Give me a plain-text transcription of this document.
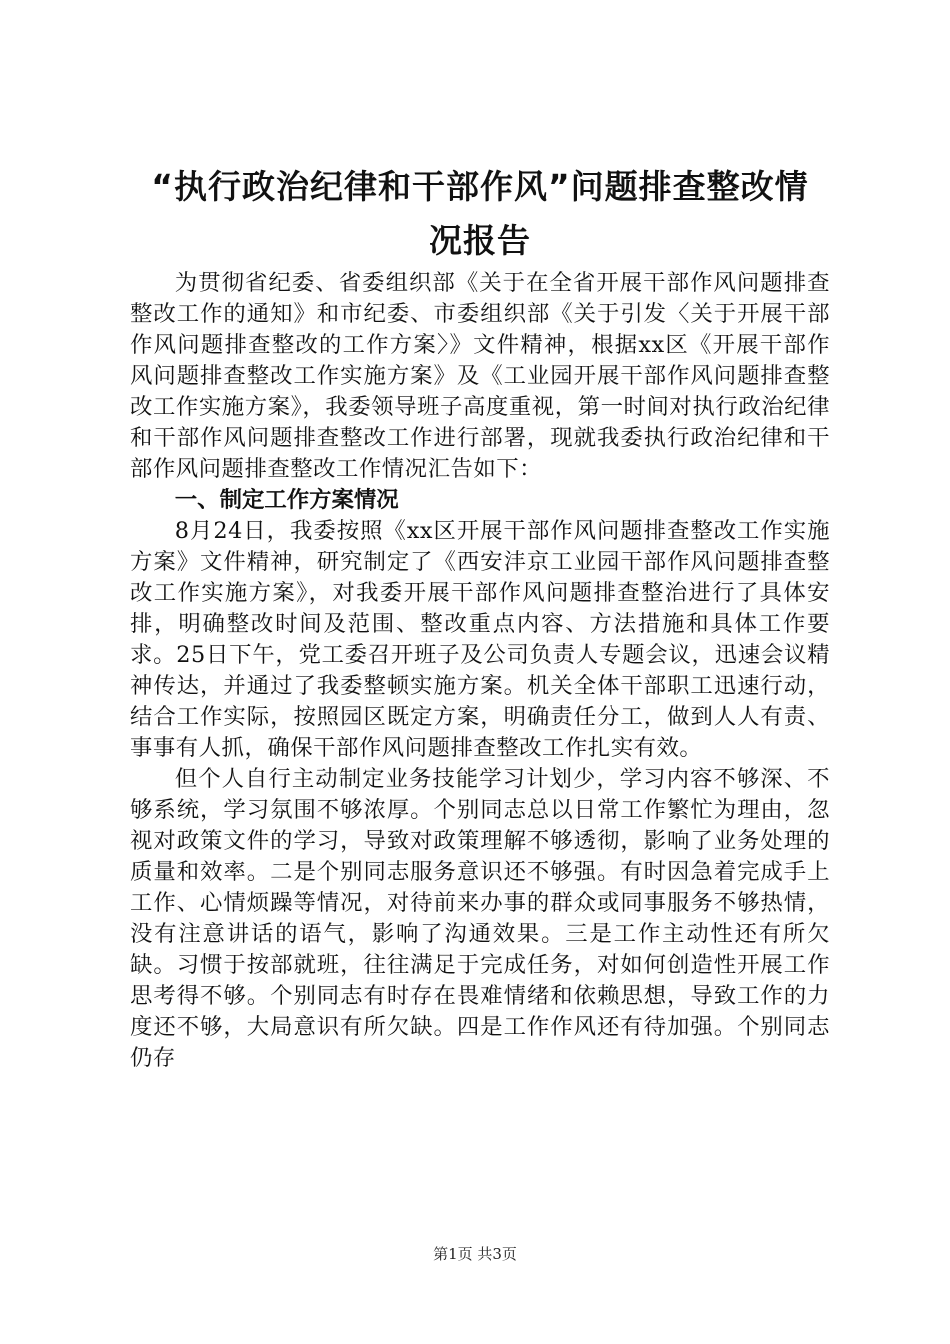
“执行政治纪律和干部作风”问题排查整改情
况报告

为贯彻省纪委、省委组织部《关于在全省开展干部作风问题排查整改工作的通知》和市纪委、市委组织部《关于引发〈关于开展干部作风问题排查整改的工作方案〉》文件精神，根据xx区《开展干部作风问题排查整改工作实施方案》及《工业园开展干部作风问题排查整改工作实施方案》，我委领导班子高度重视，第一时间对执行政治纪律和干部作风问题排查整改工作进行部署，现就我委执行政治纪律和干部作风问题排查整改工作情况汇告如下：

一、制定工作方案情况

8月24日，我委按照《xx区开展干部作风问题排查整改工作实施方案》文件精神，研究制定了《西安沣京工业园干部作风问题排查整改工作实施方案》，对我委开展干部作风问题排查整治进行了具体安排，明确整改时间及范围、整改重点内容、方法措施和具体工作要求。25日下午，党工委召开班子及公司负责人专题会议，迅速会议精神传达，并通过了我委整顿实施方案。机关全体干部职工迅速行动，结合工作实际，按照园区既定方案，明确责任分工，做到人人有责、事事有人抓，确保干部作风问题排查整改工作扎实有效。

但个人自行主动制定业务技能学习计划少，学习内容不够深、不够系统，学习氛围不够浓厚。个别同志总以日常工作繁忙为理由，忽视对政策文件的学习，导致对政策理解不够透彻，影响了业务处理的质量和效率。二是个别同志服务意识还不够强。有时因急着完成手上工作、心情烦躁等情况，对待前来办事的群众或同事服务不够热情，没有注意讲话的语气，影响了沟通效果。三是工作主动性还有所欠缺。习惯于按部就班，往往满足于完成任务，对如何创造性开展工作思考得不够。个别同志有时存在畏难情绪和依赖思想，导致工作的力度还不够，大局意识有所欠缺。四是工作作风还有待加强。个别同志仍存

第1页 共3页
